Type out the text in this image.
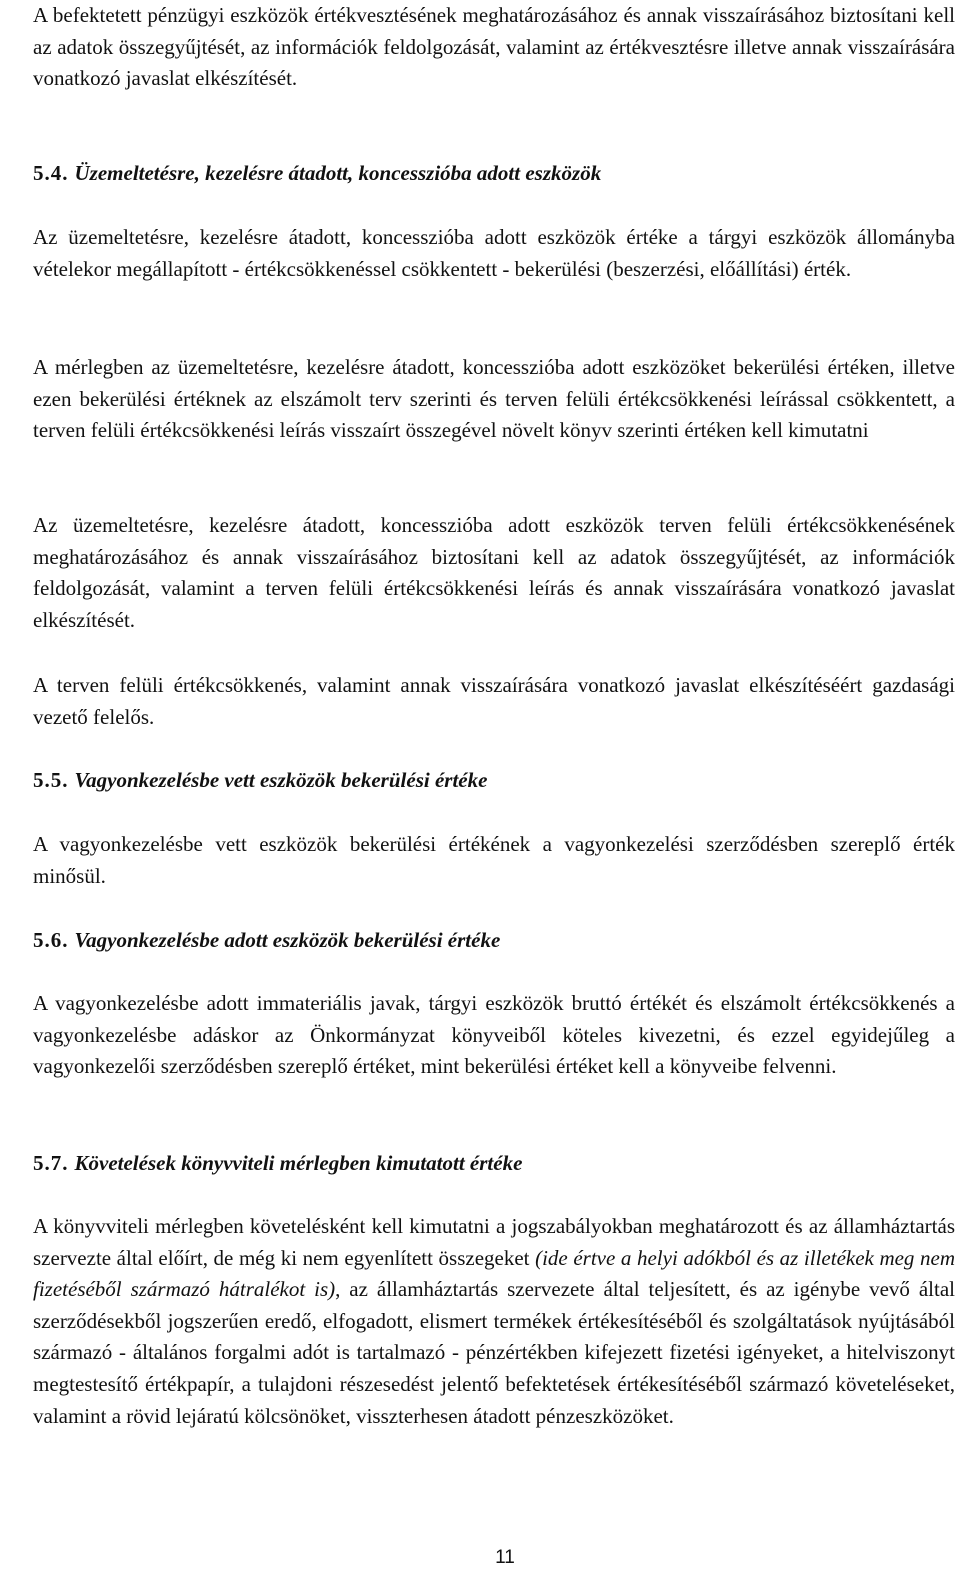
A befektetett pénzügyi eszközök értékvesztésének meghatározásához és annak visszaírásához biztosítani kell az adatok összegyűjtését, az információk feldolgozását, valamint az értékvesztésre illetve annak visszaírására vonatkozó javaslat elkészítését.

5.4. Üzemeltetésre, kezelésre átadott, koncesszióba adott eszközök

Az üzemeltetésre, kezelésre átadott, koncesszióba adott eszközök értéke a tárgyi eszközök állományba vételekor megállapított - értékcsökkenéssel csökkentett - bekerülési (beszerzési, előállítási) érték.

A mérlegben az üzemeltetésre, kezelésre átadott, koncesszióba adott eszközöket bekerülési értéken, illetve ezen bekerülési értéknek az elszámolt terv szerinti és terven felüli értékcsökkenési leírással csökkentett, a terven felüli értékcsökkenési leírás visszaírt összegével növelt könyv szerinti értéken kell kimutatni

Az üzemeltetésre, kezelésre átadott, koncesszióba adott eszközök terven felüli értékcsökkenésének meghatározásához és annak visszaírásához biztosítani kell az adatok összegyűjtését, az információk feldolgozását, valamint a terven felüli értékcsökkenési leírás és annak visszaírására vonatkozó javaslat elkészítését.

A terven felüli értékcsökkenés, valamint annak visszaírására vonatkozó javaslat elkészítéséért gazdasági vezető felelős.

5.5. Vagyonkezelésbe vett eszközök bekerülési értéke

A vagyonkezelésbe vett eszközök bekerülési értékének a vagyonkezelési szerződésben szereplő érték minősül.

5.6. Vagyonkezelésbe adott eszközök bekerülési értéke

A vagyonkezelésbe adott immateriális javak, tárgyi eszközök bruttó értékét és elszámolt értékcsökkenés a vagyonkezelésbe adáskor az Önkormányzat könyveiből köteles kivezetni, és ezzel egyidejűleg a vagyonkezelői szerződésben szereplő értéket, mint bekerülési értéket kell a könyveibe felvenni.

5.7. Követelések könyvviteli mérlegben kimutatott értéke

A könyvviteli mérlegben követelésként kell kimutatni a jogszabályokban meghatározott és az államháztartás szervezte által előírt, de még ki nem egyenlített összegeket (ide értve a helyi adókból és az illetékek meg nem fizetéséből származó hátralékot is), az államháztartás szervezete által teljesített, és az igénybe vevő által szerződésekből jogszerűen eredő, elfogadott, elismert termékek értékesítéséből és szolgáltatások nyújtásából származó - általános forgalmi adót is tartalmazó - pénzértékben kifejezett fizetési igényeket, a hitelviszonyt megtestesítő értékpapír, a tulajdoni részesedést jelentő befektetések értékesítéséből származó követeléseket, valamint a rövid lejáratú kölcsönöket, visszterhesen átadott pénzeszközöket.

11
